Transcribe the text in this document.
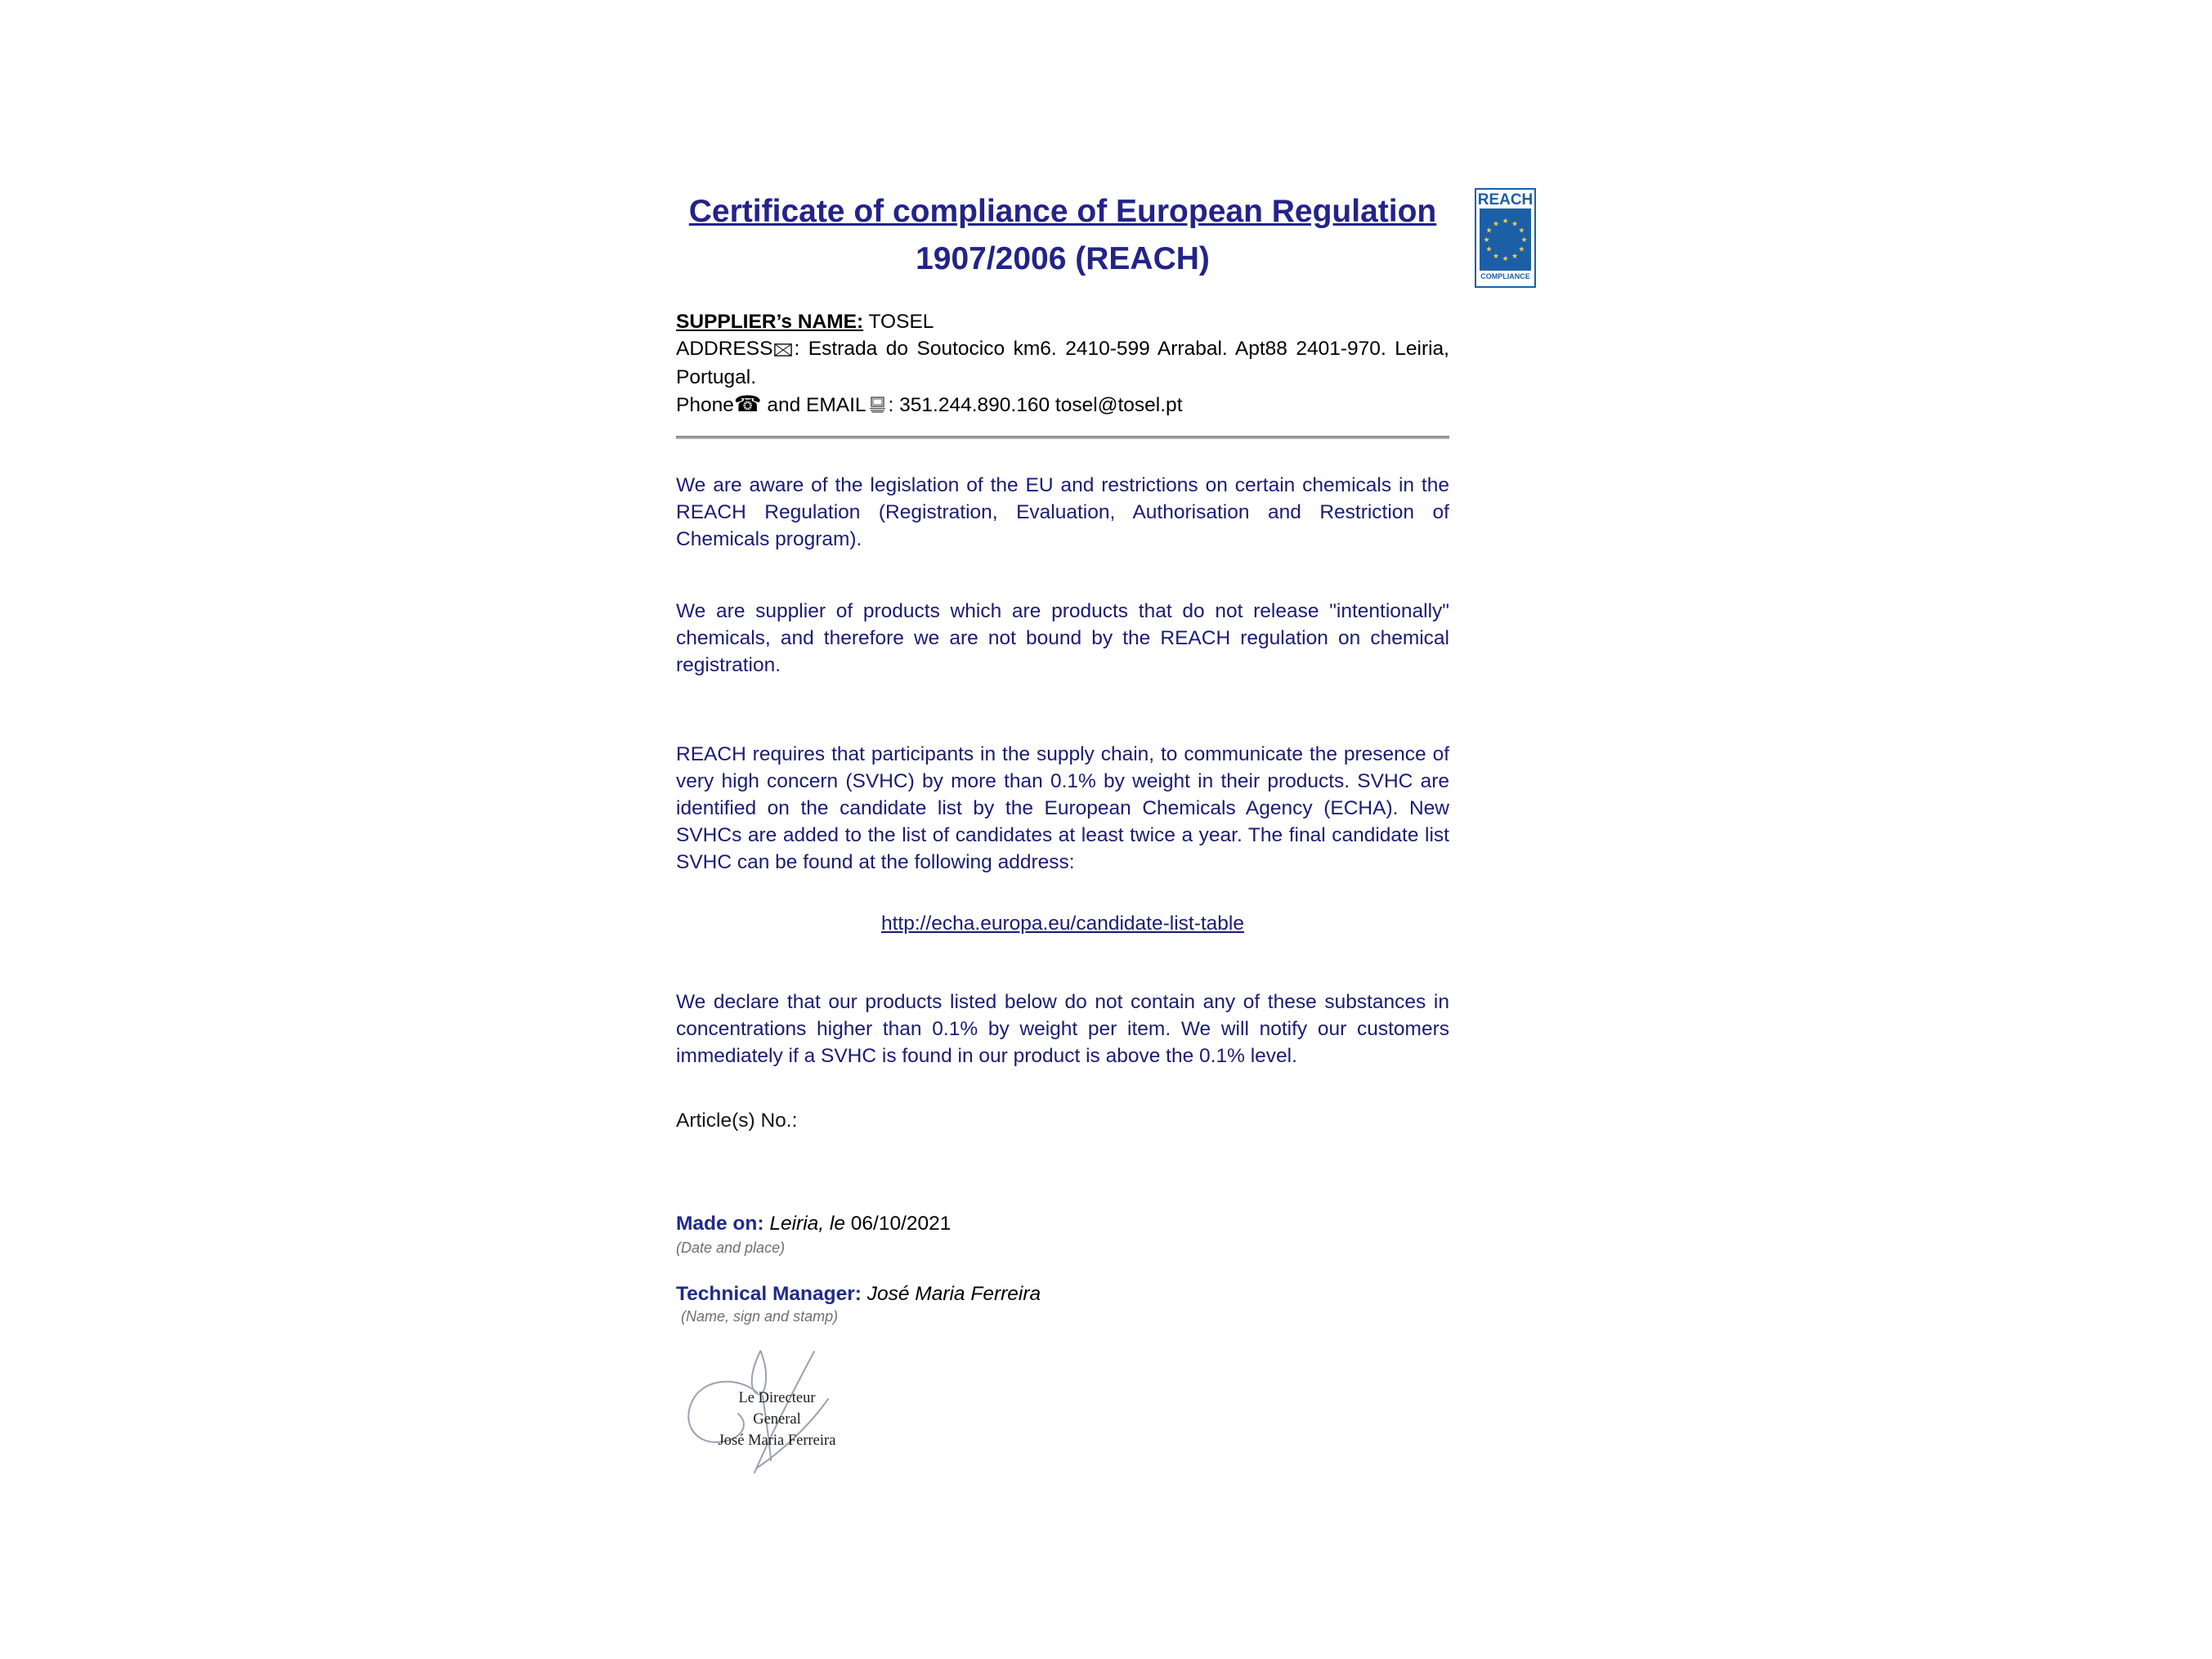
REACH
★ ★
★
★
★
★
★
★
★
★
★
★
COMPLIANCE
Certificate of compliance of European Regulation
1907/2006 (REACH)

SUPPLIER’s NAME: TOSEL

ADDRESS : Estrada do Soutocico km6. 2410-599 Arrabal. Apt88 2401-970. Leiria, Portugal.

Phone☎ and EMAIL : 351.244.890.160 tosel@tosel.pt

We are aware of the legislation of the EU and restrictions on certain chemicals in the REACH Regulation (Registration, Evaluation, Authorisation and Restriction of Chemicals program).

We are supplier of products which are products that do not release "intentionally" chemicals, and therefore we are not bound by the REACH regulation on chemical registration.

REACH requires that participants in the supply chain, to communicate the presence of very high concern (SVHC) by more than 0.1% by weight in their products. SVHC are identified on the candidate list by the European Chemicals Agency (ECHA). New SVHCs are added to the list of candidates at least twice a year. The final candidate list SVHC can be found at the following address:

http://echa.europa.eu/candidate-list-table

We declare that our products listed below do not contain any of these substances in concentrations higher than 0.1% by weight per item. We will notify our customers immediately if a SVHC is found in our product is above the 0.1% level.

Article(s) No.:
Made on: Leiria, le 06/10/2021
(Date and place)
Technical Manager: José Maria Ferreira
(Name, sign and stamp)
Le Directeur General
José Maria Ferreira
